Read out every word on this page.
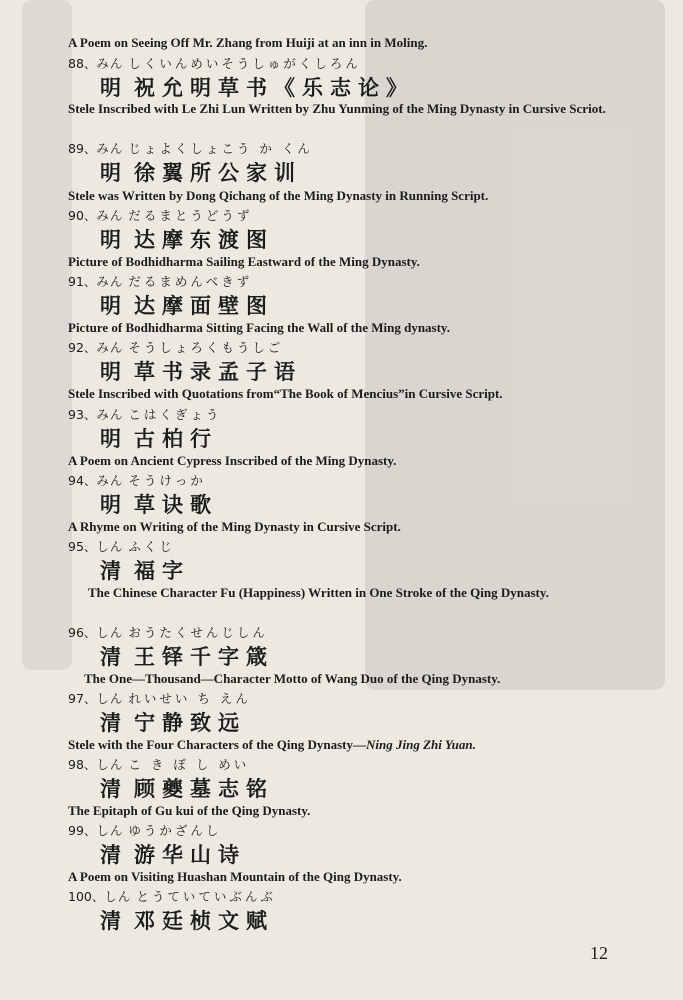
A Poem on Seeing Off Mr. Zhang from Huiji at an inn in Moling.
88、みん しくいんめいそうしゅがくしろん
明 祝允明草书《乐志论》
Stele Inscribed with Le Zhi Lun Written by Zhu Yunming of the Ming Dynasty in Cursive Scriot.
89、みん じょよくしょこう か くん
明 徐翼所公家训
Stele was Written by Dong Qichang of the Ming Dynasty in Running Script.
90、みん だるまとうどうず
明 达摩东渡图
Picture of Bodhidharma Sailing Eastward of the Ming Dynasty.
91、みん だるまめんべきず
明 达摩面壁图
Picture of Bodhidharma Sitting Facing the Wall of the Ming dynasty.
92、みん そうしょろくもうしご
明 草书录孟子语
Stele Inscribed with Quotations from“The Book of Mencius”in Cursive Script.
93、みん こはくぎょう
明 古柏行
A Poem on Ancient Cypress Inscribed of the Ming Dynasty.
94、みん そうけっか
明 草诀歌
A Rhyme on Writing of the Ming Dynasty in Cursive Script.
95、しん ふくじ
清 福字
The Chinese Character Fu (Happiness) Written in One Stroke of the Qing Dynasty.
96、しん おうたくせんじしん
清 王铎千字箴
The One—Thousand—Character Motto of Wang Duo of the Qing Dynasty.
97、しん れいせい ち えん
清 宁静致远
Stele with the Four Characters of the Qing Dynasty—Ning Jing Zhi Yuan.
98、しん こ き ぼ し めい
清 顾夔墓志铭
The Epitaph of Gu kui of the Qing Dynasty.
99、しん ゆうかざんし
清 游华山诗
A Poem on Visiting Huashan Mountain of the Qing Dynasty.
100、しん とうていていぶんぶ
清 邓廷桢文赋
12
